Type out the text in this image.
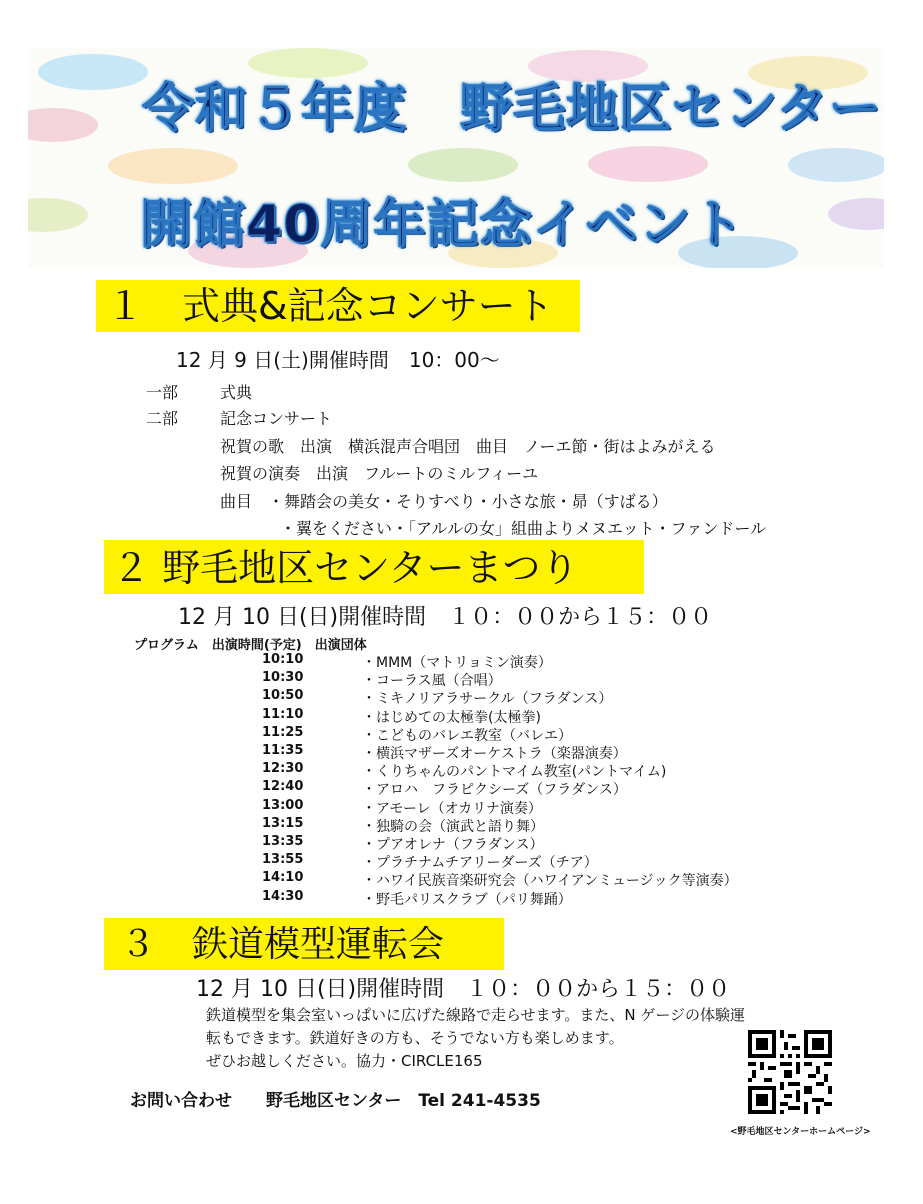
令和５年度　野毛地区センター
開館40周年記念イベント
１　式典&記念コンサート
12 月 9 日(土)開催時間　10：00〜
一部	式典
二部	記念コンサート
祝賀の歌　出演　横浜混声合唱団　曲目　ノーエ節・街はよみがえる
祝賀の演奏　出演　フルートのミルフィーユ
曲目　・舞踏会の美女・そりすべり・小さな旅・昴（すばる）
・翼をください・「アルルの女」組曲よりメヌエット・ファンドール
２ 野毛地区センターまつり
12 月 10 日(日)開催時間　１０：００から１５：００
プログラム　出演時間(予定)　出演団体
10:10	・MMM（マトリョミン演奏）
10:30	・コーラス風（合唱）
10:50	・ミキノリアラサークル（フラダンス）
11:10	・はじめての太極拳(太極拳)
11:25	・こどものバレエ教室（バレエ）
11:35	・横浜マザーズオーケストラ（楽器演奏）
12:30	・くりちゃんのパントマイム教室(パントマイム)
12:40	・アロハ　フラピクシーズ（フラダンス）
13:00	・アモーレ（オカリナ演奏）
13:15	・独騎の会（演武と語り舞）
13:35	・プアオレナ（フラダンス）
13:55	・プラチナムチアリーダーズ（チア）
14:10	・ハワイ民族音楽研究会（ハワイアンミュージック等演奏）
14:30	・野毛パリスクラブ（パリ舞踊）
３　鉄道模型運転会
12 月 10 日(日)開催時間　１０：００から１５：００
鉄道模型を集会室いっぱいに広げた線路で走らせます。また、N ゲージの体験運
転もできます。鉄道好きの方も、そうでない方も楽しめます。
ぜひお越しください。協力・CIRCLE165
お問い合わせ　　野毛地区センター　Tel 241-4535
<野毛地区センターホームページ>
